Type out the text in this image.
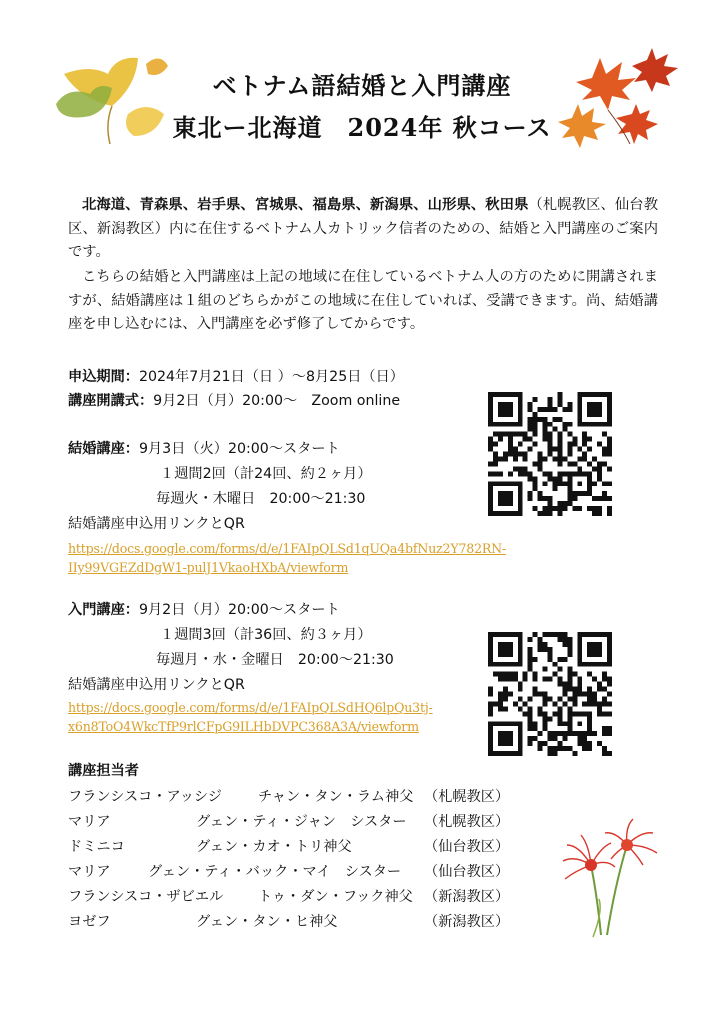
ベトナム語結婚と入門講座
東北ー北海道　2024年 秋コース
北海道、青森県、岩手県、宮城県、福島県、新潟県、山形県、秋田県（札幌教区、仙台教区、新潟教区）内に在住するベトナム人カトリック信者のための、結婚と入門講座のご案内です。
こちらの結婚と入門講座は上記の地域に在住しているベトナム人の方のために開講されますが、結婚講座は１組のどちらかがこの地域に在住していれば、受講できます。尚、結婚講座を申し込むには、入門講座を必ず修了してからです。
申込期間：2024年7月21日（日 ）～8月25日（日）
講座開講式：9月2日（月）20:00～　Zoom online
結婚講座：9月3日（火）20:00～スタート
１週間2回（計24回、約２ヶ月）
毎週火・木曜日　20:00～21:30
結婚講座申込用リンクとQR
https://docs.google.com/forms/d/e/1FAIpQLSd1qUQa4bfNuz2Y782RN-
IIy99VGEZdDgW1-pulJ1VkaoHXbA/viewform
入門講座：9月2日（月）20:00～スタート
１週間3回（計36回、約３ヶ月）
毎週月・水・金曜日　20:00～21:30
結婚講座申込用リンクとQR
https://docs.google.com/forms/d/e/1FAIpQLSdHQ6lpQu3tj-
x6n8ToO4WkcTfP9rlCFpG9ILHbDVPC368A3A/viewform
講座担当者
フランシスコ・アッシジ	チャン・タン・ラム神父 （札幌教区）
マリア	グェン・ティ・ジャン　シスター （札幌教区）
ドミニコ	グェン・カオ・トリ神父	（仙台教区）
マリア	グェン・ティ・バック・マイ　シスター （仙台教区）
フランシスコ・ザビエル トゥ・ダン・フック神父 （新潟教区）
ヨゼフ	グェン・タン・ヒ神父	（新潟教区）
